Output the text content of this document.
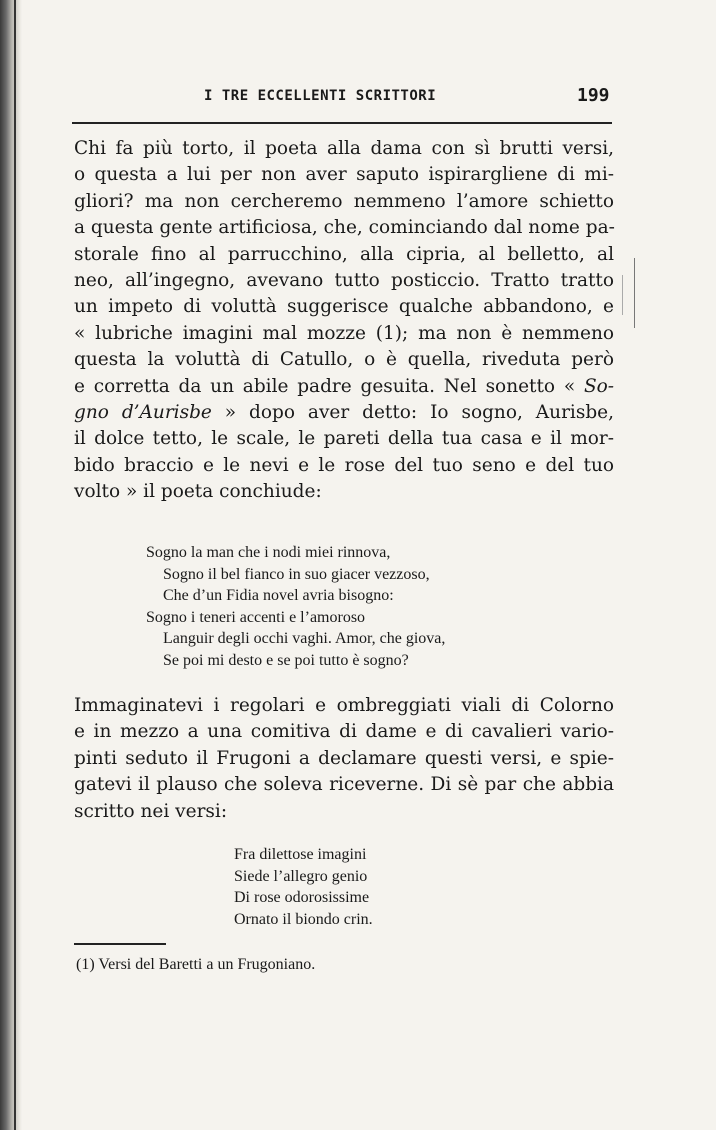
I TRE ECCELLENTI SCRITTORI	199

Chi fa più torto, il poeta alla dama con sì brutti versi,
o questa a lui per non aver saputo ispirargliene di mi-
gliori? ma non cercheremo nemmeno l’amore schietto
a questa gente artificiosa, che, cominciando dal nome pa-
storale fino al parrucchino, alla cipria, al belletto, al
neo, all’ingegno, avevano tutto posticcio. Tratto tratto
un impeto di voluttà suggerisce qualche abbandono, e
« lubriche imagini mal mozze (1); ma non è nemmeno
questa la voluttà di Catullo, o è quella, riveduta però
e corretta da un abile padre gesuita. Nel sonetto « So-
gno d’Aurisbe » dopo aver detto: Io sogno, Aurisbe,
il dolce tetto, le scale, le pareti della tua casa e il mor-
bido braccio e le nevi e le rose del tuo seno e del tuo
volto » il poeta conchiude:

Sogno la man che i nodi miei rinnova,
Sogno il bel fianco in suo giacer vezzoso,
Che d’un Fidia novel avria bisogno:
Sogno i teneri accenti e l’amoroso
Languir degli occhi vaghi. Amor, che giova,
Se poi mi desto e se poi tutto è sogno?

Immaginatevi i regolari e ombreggiati viali di Colorno
e in mezzo a una comitiva di dame e di cavalieri vario-
pinti seduto il Frugoni a declamare questi versi, e spie-
gatevi il plauso che soleva riceverne. Di sè par che abbia
scritto nei versi:

Fra dilettose imagini
Siede l’allegro genio
Di rose odorosissime
Ornato il biondo crin.

(1) Versi del Baretti a un Frugoniano.
